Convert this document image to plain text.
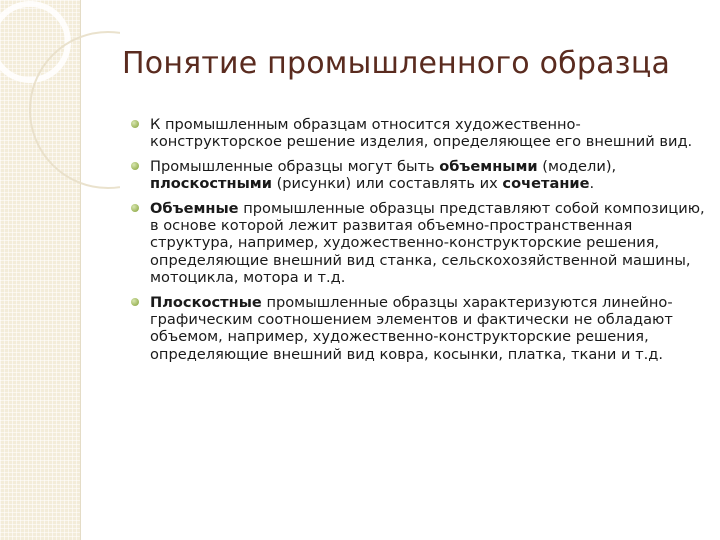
Понятие промышленного образца
К промышленным образцам относится художественно-конструкторское решение изделия, определяющее его внешний вид.
Промышленные образцы могут быть объемными (модели), плоскостными (рисунки) или составлять их сочетание.
Объемные промышленные образцы представляют собой композицию, в основе которой лежит развитая объемно-пространственная структура, например, художественно-конструкторские решения, определяющие внешний вид станка, сельскохозяйственной машины, мотоцикла, мотора и т.д.
Плоскостные промышленные образцы характеризуются линейно-графическим соотношением элементов и фактически не обладают объемом, например, художественно-конструкторские решения, определяющие внешний вид ковра, косынки, платка, ткани и т.д.
